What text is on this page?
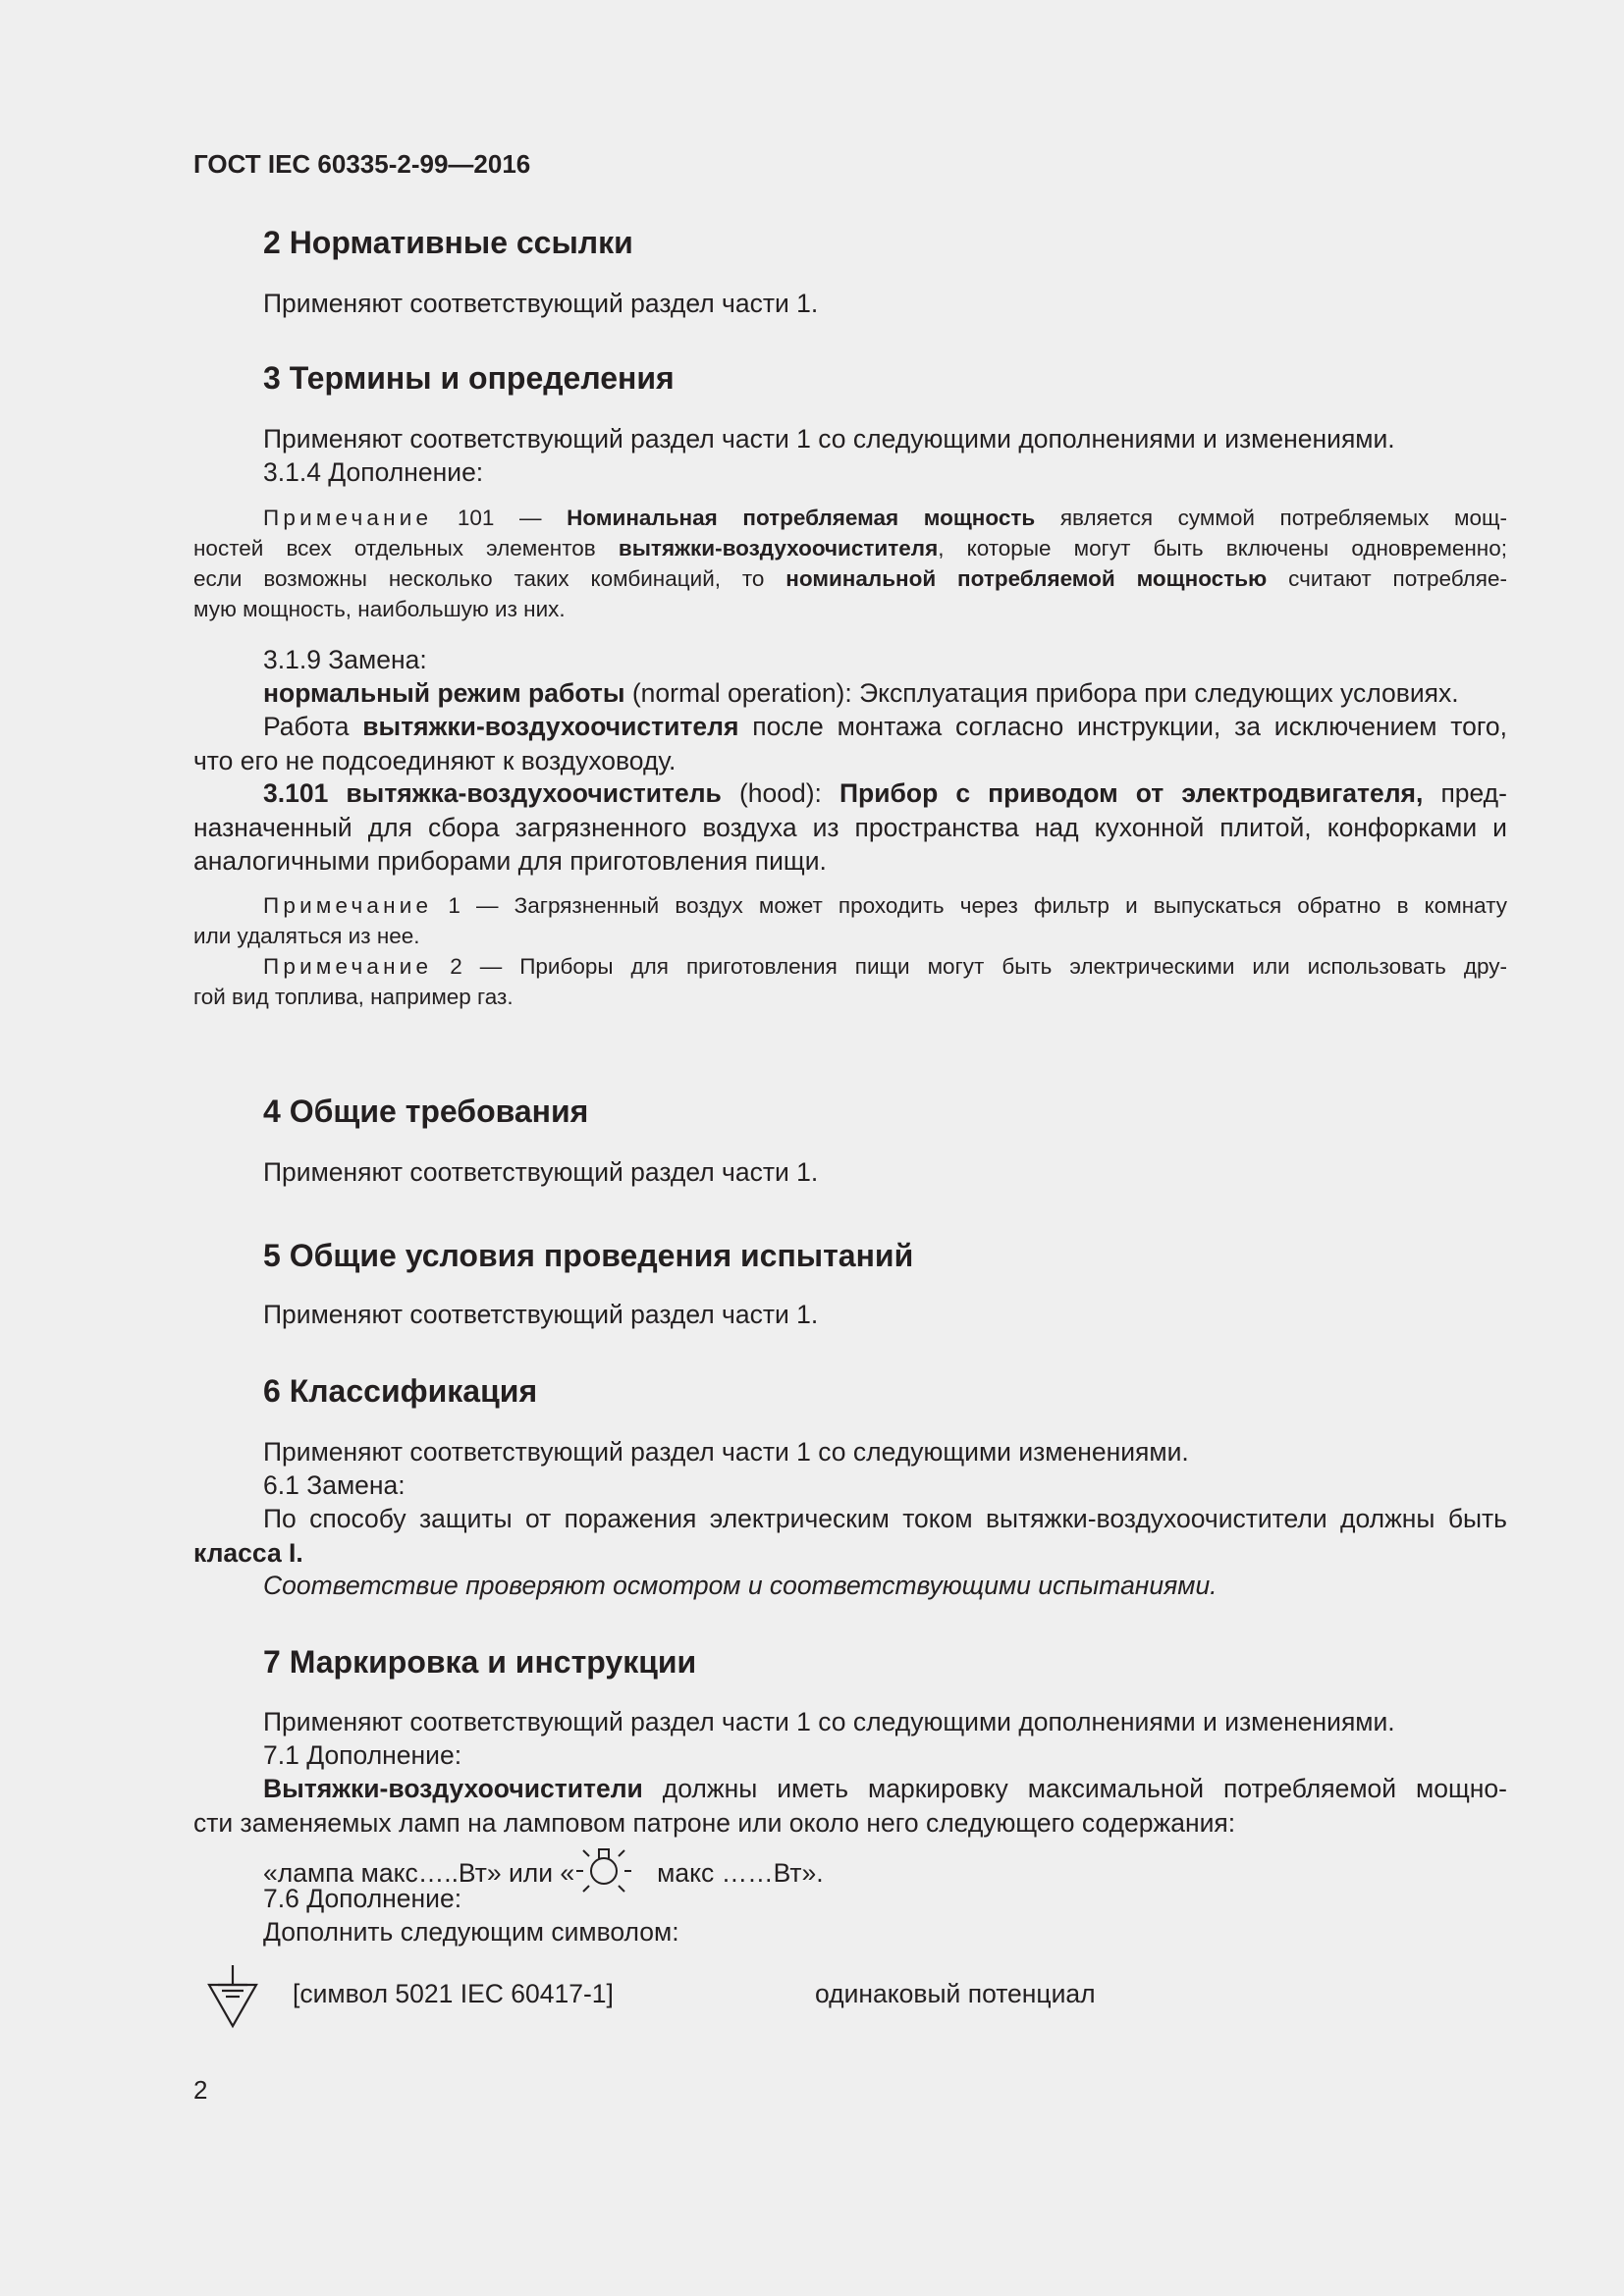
ГОСТ IEC 60335-2-99—2016
2 Нормативные ссылки
Применяют соответствующий раздел части 1.
3 Термины и определения
Применяют соответствующий раздел части 1 со следующими дополнениями и изменениями.
3.1.4 Дополнение:
Примечание 101 — Номинальная потребляемая мощность является суммой потребляемых мощ-
ностей всех отдельных элементов вытяжки-воздухоочистителя, которые могут быть включены одновременно;
если возможны несколько таких комбинаций, то номинальной потребляемой мощностью считают потребляе-
мую мощность, наибольшую из них.
3.1.9 Замена:
нормальный режим работы (normal operation): Эксплуатация прибора при следующих условиях.
Работа вытяжки-воздухоочистителя после монтажа согласно инструкции, за исключением того,
что его не подсоединяют к воздуховоду.
3.101 вытяжка-воздухоочиститель (hood): Прибор с приводом от электродвигателя, пред-
назначенный для сбора загрязненного воздуха из пространства над кухонной плитой, конфорками и
аналогичными приборами для приготовления пищи.
Примечание 1 — Загрязненный воздух может проходить через фильтр и выпускаться обратно в комнату
или удаляться из нее.
Примечание 2 — Приборы для приготовления пищи могут быть электрическими или использовать дру-
гой вид топлива, например газ.
4 Общие требования
Применяют соответствующий раздел части 1.
5 Общие условия проведения испытаний
Применяют соответствующий раздел части 1.
6 Классификация
Применяют соответствующий раздел части 1 со следующими изменениями.
6.1 Замена:
По способу защиты от поражения электрическим током вытяжки-воздухоочистители должны быть
класса I.
Соответствие проверяют осмотром и соответствующими испытаниями.
7 Маркировка и инструкции
Применяют соответствующий раздел части 1 со следующими дополнениями и изменениями.
7.1 Дополнение:
Вытяжки-воздухоочистители должны иметь маркировку максимальной потребляемой мощно-
сти заменяемых ламп на ламповом патроне или около него следующего содержания:
«лампа макс…..Вт» или «	макс ……Вт».
7.6 Дополнение:
Дополнить следующим символом:
[символ 5021 IEC 60417-1]	одинаковый потенциал
2
